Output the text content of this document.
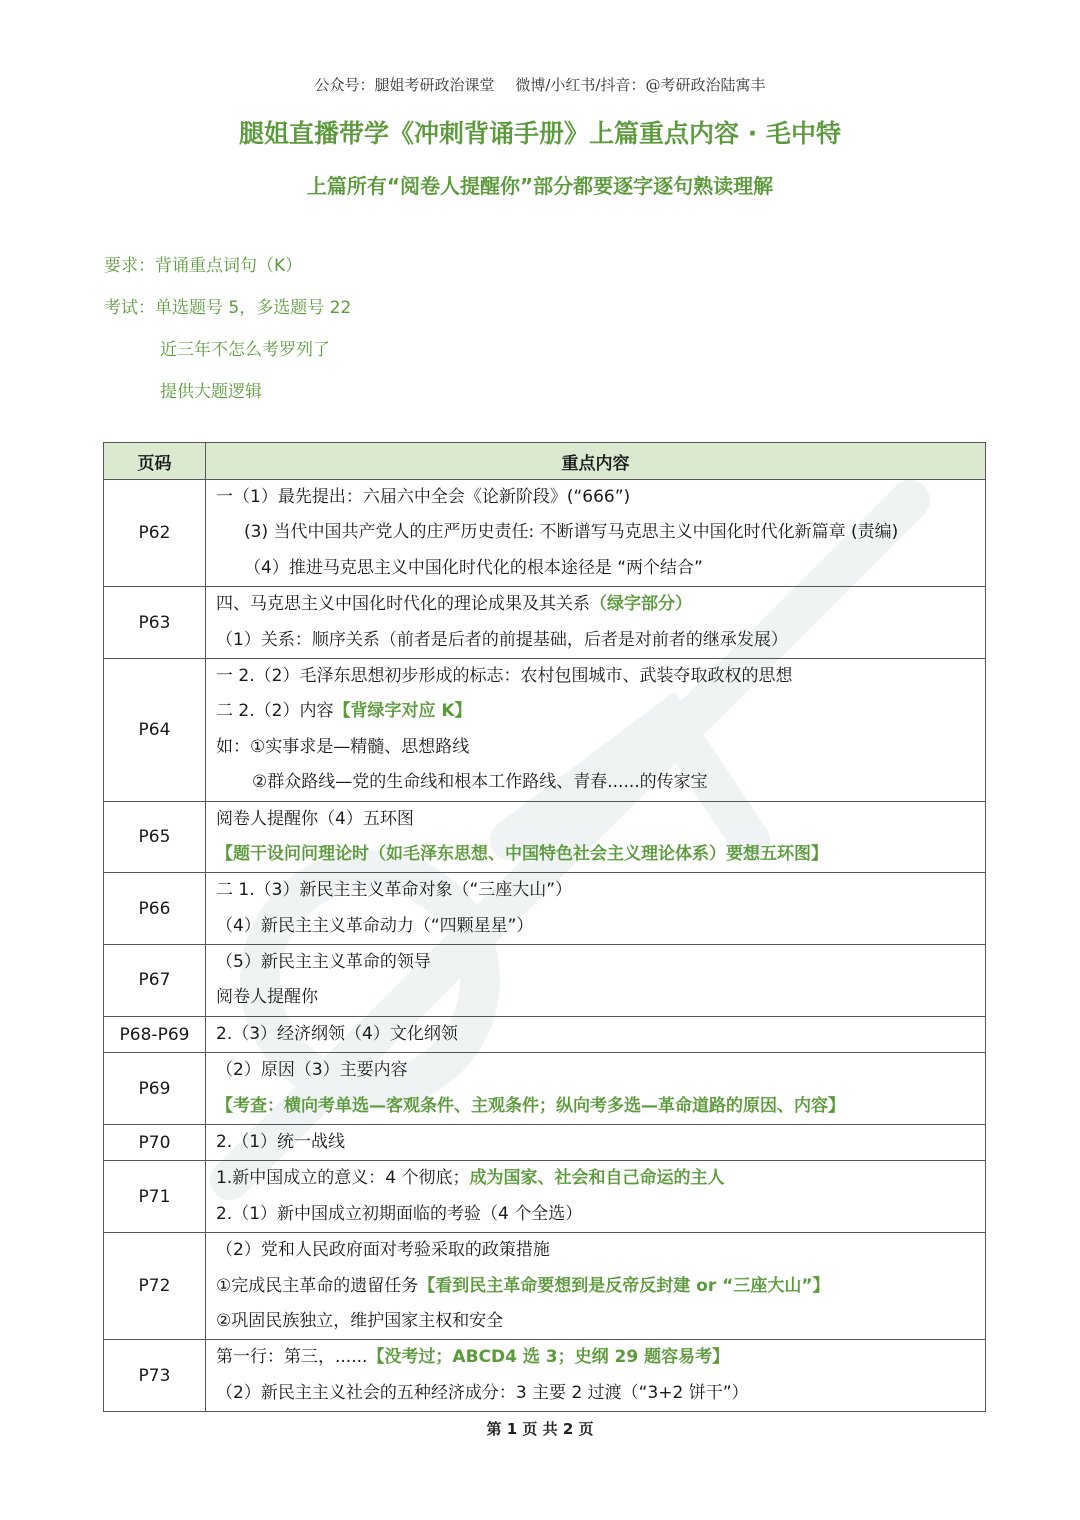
公众号：腿姐考研政治课堂 微博/小红书/抖音：@考研政治陆寓丰
腿姐直播带学《冲刺背诵手册》上篇重点内容 · 毛中特
上篇所有“阅卷人提醒你”部分都要逐字逐句熟读理解
要求：背诵重点词句（K）
考试：单选题号 5，多选题号 22
近三年不怎么考罗列了
提供大题逻辑
页码	重点内容
P62	一（1）最先提出：六届六中全会《论新阶段》(“666”)
(3) 当代中国共产党人的庄严历史责任: 不断谱写马克思主义中国化时代化新篇章 (责编)
（4）推进马克思主义中国化时代化的根本途径是 “两个结合”

P63	四、马克思主义中国化时代化的理论成果及其关系（绿字部分）
（1）关系：顺序关系（前者是后者的前提基础，后者是对前者的继承发展）

P64	一 2.（2）毛泽东思想初步形成的标志：农村包围城市、武装夺取政权的思想
二 2.（2）内容【背绿字对应 K】
如：①实事求是—精髓、思想路线
②群众路线—党的生命线和根本工作路线、青春......的传家宝

P65	阅卷人提醒你（4）五环图
【题干设问问理论时（如毛泽东思想、中国特色社会主义理论体系）要想五环图】

P66	二 1.（3）新民主主义革命对象（“三座大山”）
（4）新民主主义革命动力（“四颗星星”）

P67	（5）新民主主义革命的领导
阅卷人提醒你

P68-P69	2.（3）经济纲领（4）文化纲领

P69	（2）原因（3）主要内容
【考查：横向考单选—客观条件、主观条件；纵向考多选—革命道路的原因、内容】

P70	2.（1）统一战线

P71	1.新中国成立的意义：4 个彻底；成为国家、社会和自己命运的主人
2.（1）新中国成立初期面临的考验（4 个全选）

P72	（2）党和人民政府面对考验采取的政策措施
①完成民主革命的遗留任务【看到民主革命要想到是反帝反封建 or “三座大山”】
②巩固民族独立，维护国家主权和安全

P73	第一行：第三，......【没考过；ABCD4 选 3；史纲 29 题容易考】
（2）新民主主义社会的五种经济成分：3 主要 2 过渡（“3+2 饼干”）
第 1 页 共 2 页
